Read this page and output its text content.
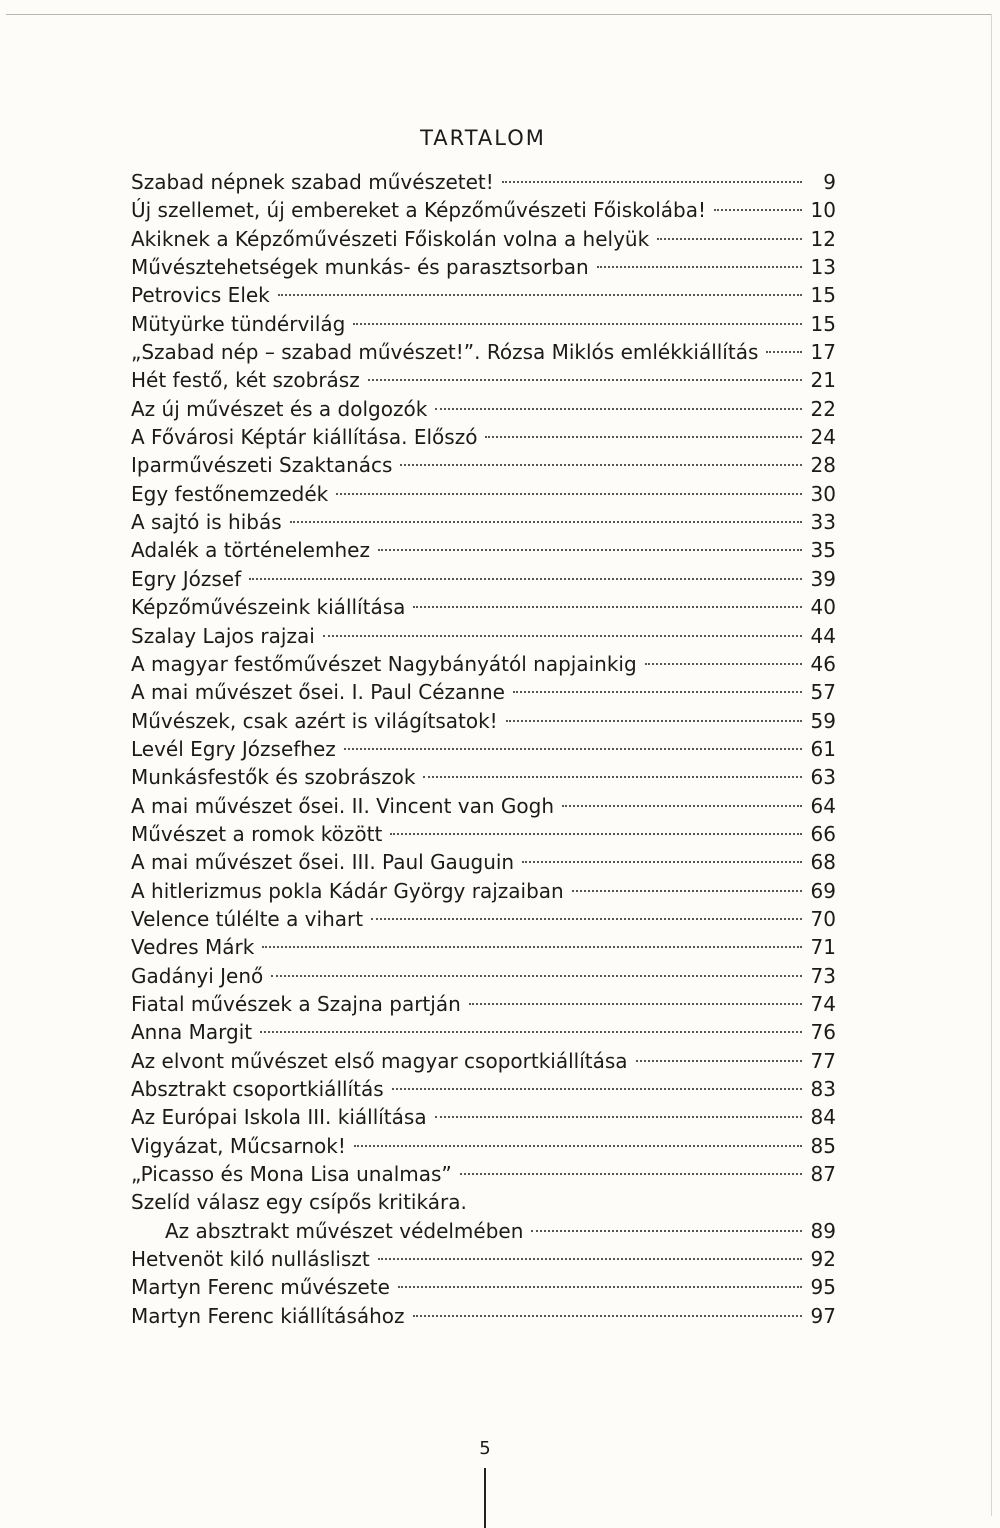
TARTALOM
Szabad népnek szabad művészetet!	9
Új szellemet, új embereket a Képzőművészeti Főiskolába!	10
Akiknek a Képzőművészeti Főiskolán volna a helyük	12
Művésztehetségek munkás- és parasztsorban	13
Petrovics Elek	15
Mütyürke tündérvilág	15
„Szabad nép – szabad művészet!”. Rózsa Miklós emlékkiállítás	17
Hét festő, két szobrász	21
Az új művészet és a dolgozók	22
A Fővárosi Képtár kiállítása. Előszó	24
Iparművészeti Szaktanács	28
Egy festőnemzedék	30
A sajtó is hibás	33
Adalék a történelemhez	35
Egry József	39
Képzőművészeink kiállítása	40
Szalay Lajos rajzai	44
A magyar festőművészet Nagybányától napjainkig	46
A mai művészet ősei. I. Paul Cézanne	57
Művészek, csak azért is világítsatok!	59
Levél Egry Józsefhez	61
Munkásfestők és szobrászok	63
A mai művészet ősei. II. Vincent van Gogh	64
Művészet a romok között	66
A mai művészet ősei. III. Paul Gauguin	68
A hitlerizmus pokla Kádár György rajzaiban	69
Velence túlélte a vihart	70
Vedres Márk	71
Gadányi Jenő	73
Fiatal művészek a Szajna partján	74
Anna Margit	76
Az elvont művészet első magyar csoportkiállítása	77
Absztrakt csoportkiállítás	83
Az Európai Iskola III. kiállítása	84
Vigyázat, Műcsarnok!	85
„Picasso és Mona Lisa unalmas”	87
Szelíd válasz egy csípős kritikára.
Az absztrakt művészet védelmében	89
Hetvenöt kiló nullásliszt	92
Martyn Ferenc művészete	95
Martyn Ferenc kiállításához	97
5
